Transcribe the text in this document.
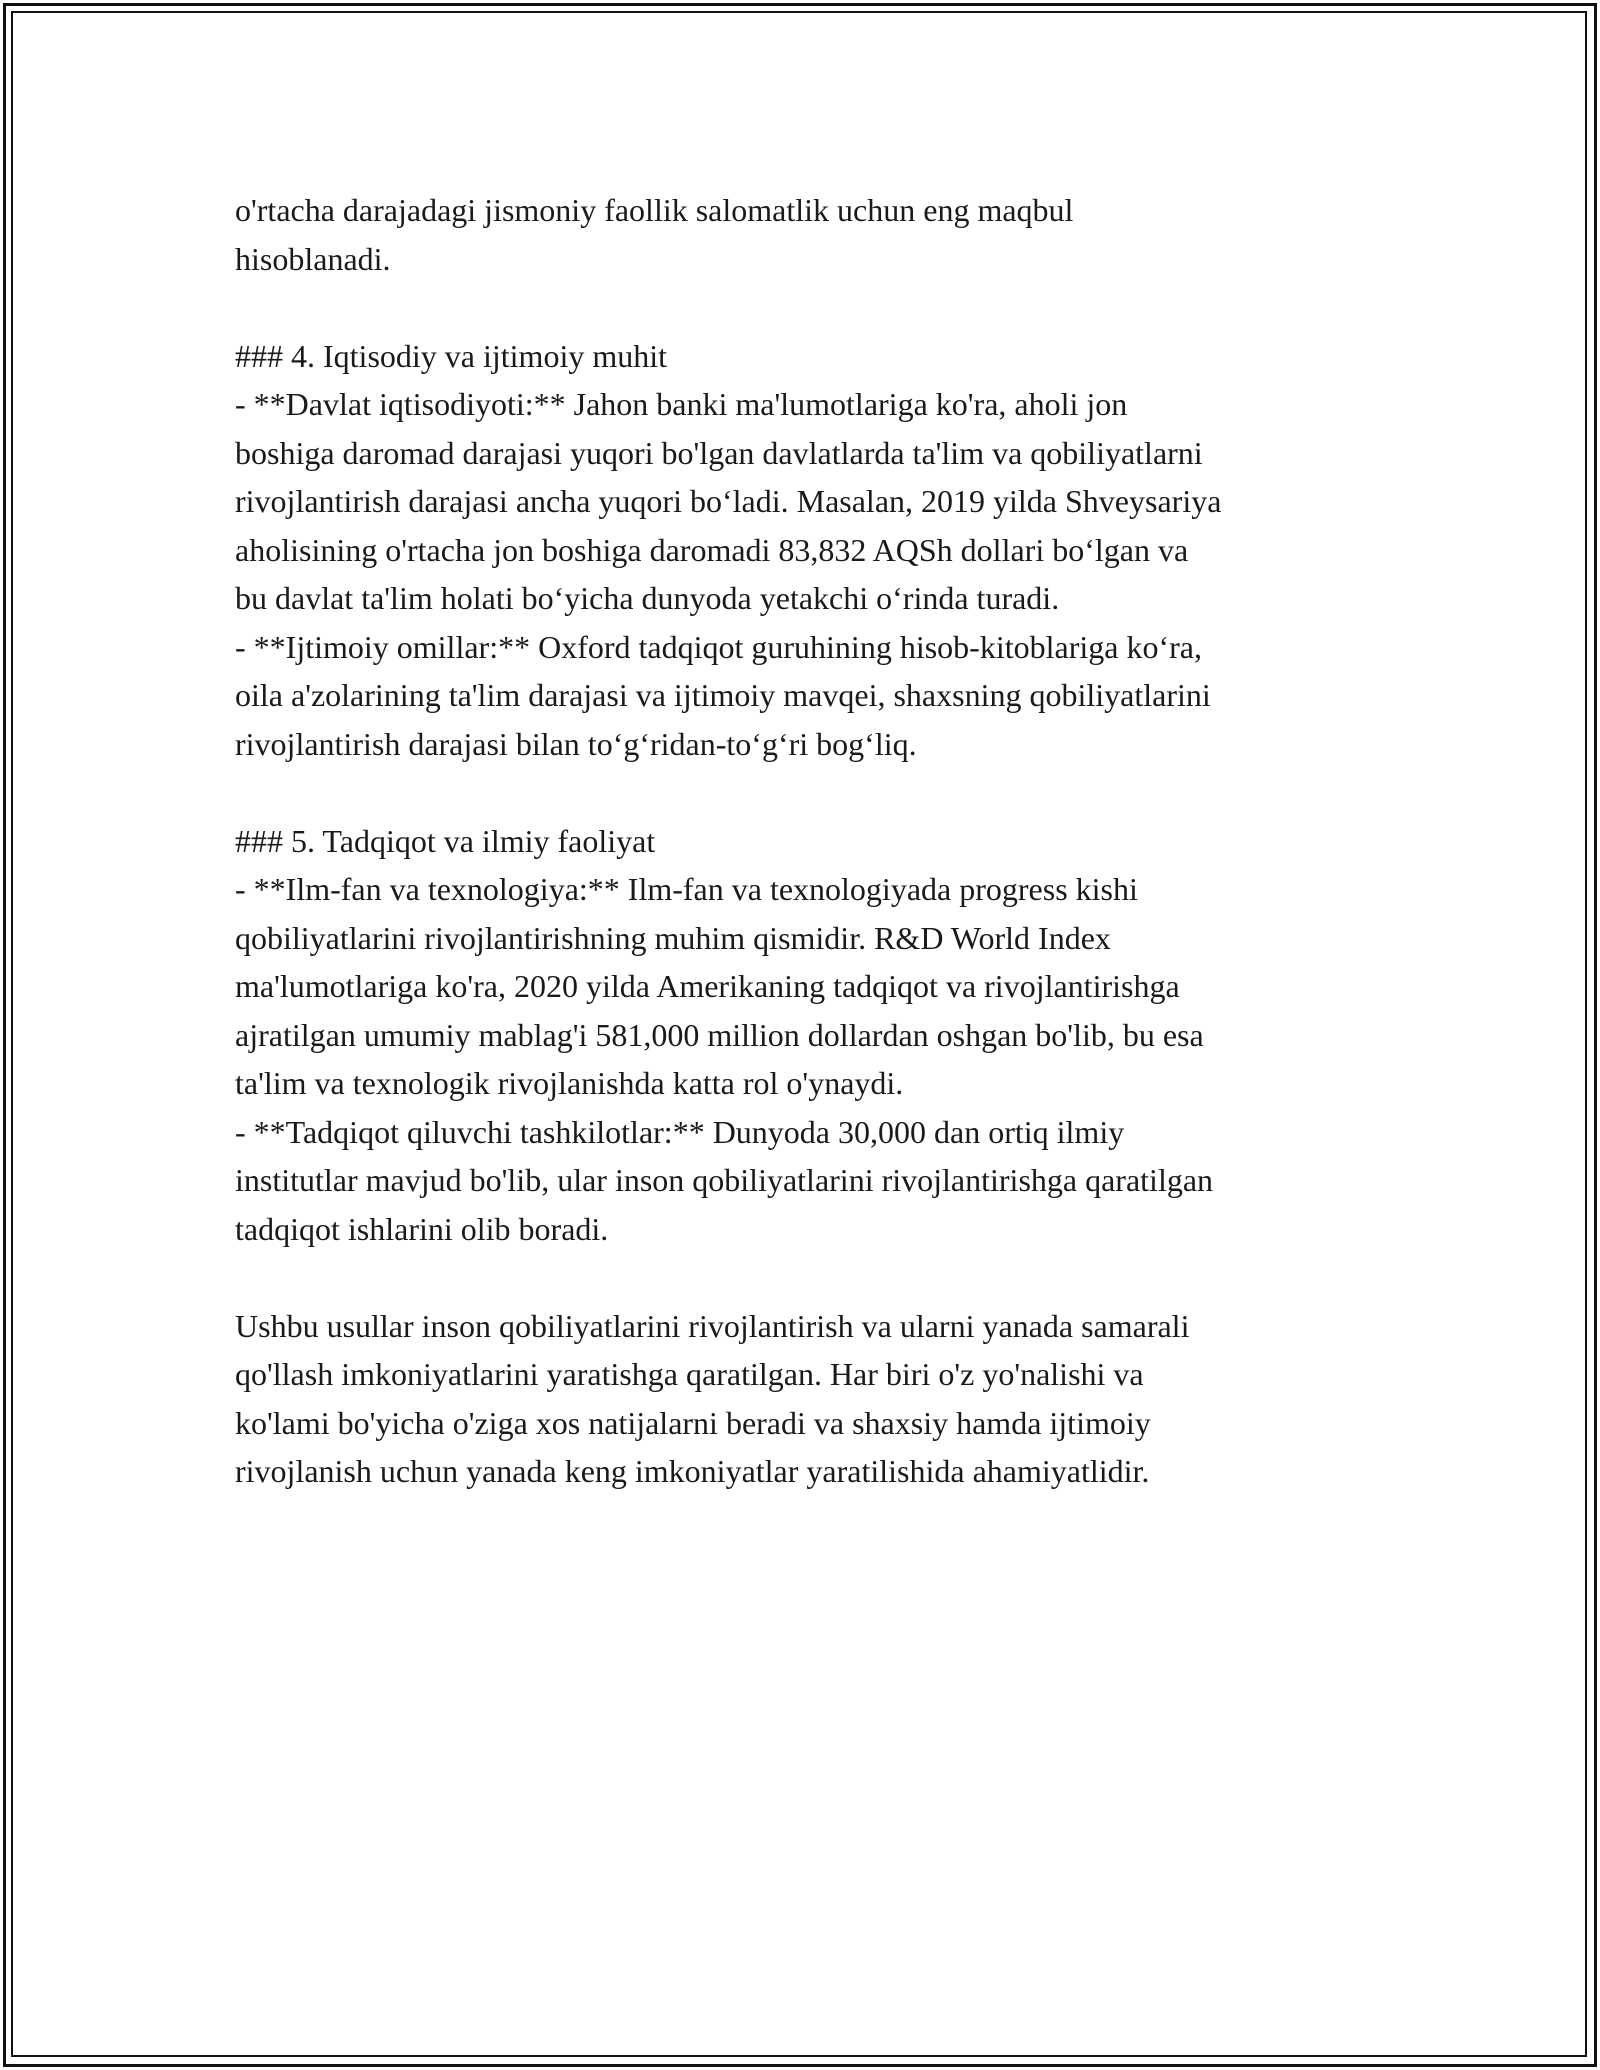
o'rtacha darajadagi jismoniy faollik salomatlik uchun eng maqbul
hisoblanadi.
### 4. Iqtisodiy va ijtimoiy muhit
- **Davlat iqtisodiyoti:** Jahon banki ma'lumotlariga ko'ra, aholi jon
boshiga daromad darajasi yuqori bo'lgan davlatlarda ta'lim va qobiliyatlarni
rivojlantirish darajasi ancha yuqori bo‘ladi. Masalan, 2019 yilda Shveysariya
aholisining o'rtacha jon boshiga daromadi 83,832 AQSh dollari bo‘lgan va
bu davlat ta'lim holati bo‘yicha dunyoda yetakchi o‘rinda turadi.
- **Ijtimoiy omillar:** Oxford tadqiqot guruhining hisob-kitoblariga ko‘ra,
oila a'zolarining ta'lim darajasi va ijtimoiy mavqei, shaxsning qobiliyatlarini
rivojlantirish darajasi bilan to‘g‘ridan-to‘g‘ri bog‘liq.
### 5. Tadqiqot va ilmiy faoliyat
- **Ilm-fan va texnologiya:** Ilm-fan va texnologiyada progress kishi
qobiliyatlarini rivojlantirishning muhim qismidir. R&D World Index
ma'lumotlariga ko'ra, 2020 yilda Amerikaning tadqiqot va rivojlantirishga
ajratilgan umumiy mablag'i 581,000 million dollardan oshgan bo'lib, bu esa
ta'lim va texnologik rivojlanishda katta rol o'ynaydi.
- **Tadqiqot qiluvchi tashkilotlar:** Dunyoda 30,000 dan ortiq ilmiy
institutlar mavjud bo'lib, ular inson qobiliyatlarini rivojlantirishga qaratilgan
tadqiqot ishlarini olib boradi.
Ushbu usullar inson qobiliyatlarini rivojlantirish va ularni yanada samarali
qo'llash imkoniyatlarini yaratishga qaratilgan. Har biri o'z yo'nalishi va
ko'lami bo'yicha o'ziga xos natijalarni beradi va shaxsiy hamda ijtimoiy
rivojlanish uchun yanada keng imkoniyatlar yaratilishida ahamiyatlidir.
